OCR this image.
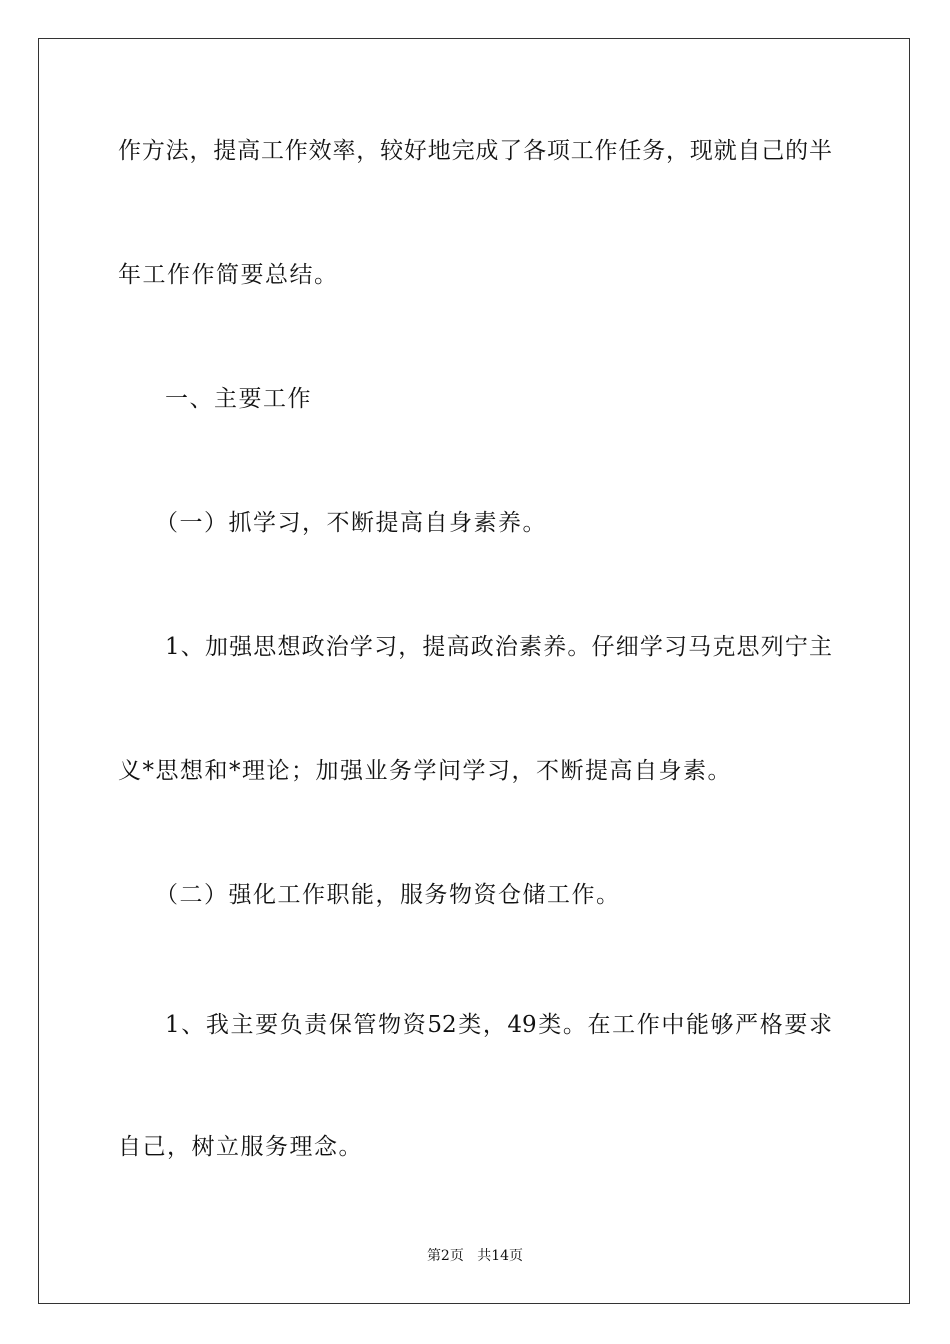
作方法，提高工作效率，较好地完成了各项工作任务，现就自己的半
年工作作简要总结。
一、主要工作
（一）抓学习，不断提高自身素养。
1、加强思想政治学习，提高政治素养。仔细学习马克思列宁主
义*思想和*理论；加强业务学问学习，不断提高自身素。
（二）强化工作职能，服务物资仓储工作。
1、我主要负责保管物资52类，49类。在工作中能够严格要求
自己，树立服务理念。
第2页 共14页
